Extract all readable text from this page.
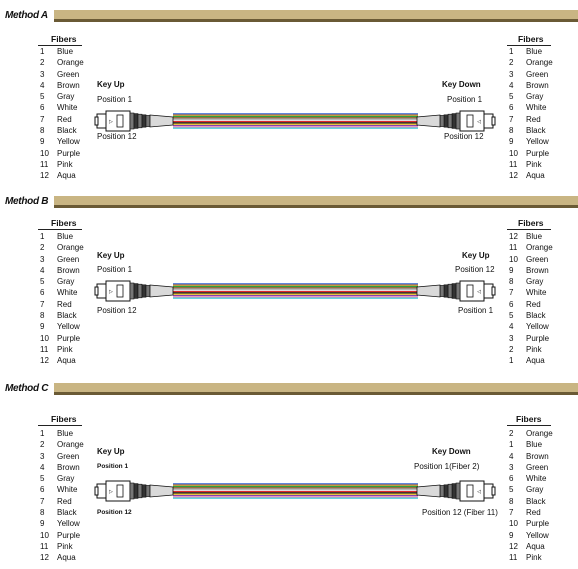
Method A
Fibers	Fibers
1 Blue
2 Orange
3 Green
4 Brown
5 Gray
6 White
7 Red
8 Black
9 Yellow
10 Purple
11 Pink
12 Aqua
1 Blue
2 Orange
3 Green
4 Brown
5 Gray
6 White
7 Red
8 Black
9 Yellow
10 Purple
11 Pink
12 Aqua
Key Up
Position 1
Position 12
Key Down
Position 1
Position 12
▷	▷
Method B
Fibers	Fibers
1 Blue
2 Orange
3 Green
4 Brown
5 Gray
6 White
7 Red
8 Black
9 Yellow
10 Purple
11 Pink
12 Aqua
12 Blue
11 Orange
10 Green
9 Brown
8 Gray
7 White
6 Red
5 Black
4 Yellow
3 Purple
2 Pink
1 Aqua
Key Up
Position 1
Position 12
Key Up
Position 12
Position 1
▷	▷
Method C
Fibers	Fibers
1 Blue
2 Orange
3 Green
4 Brown
5 Gray
6 White
7 Red
8 Black
9 Yellow
10 Purple
11 Pink
12 Aqua
2 Orange
1 Blue
4 Brown
3 Green
6 White
5 Gray
8 Black
7 Red
10 Purple
9 Yellow
12 Aqua
11 Pink
Key Up
Position 1
Position 12
Key Down
Position 1(Fiber 2)
Position 12 (Fiber 11)
▷	▷
